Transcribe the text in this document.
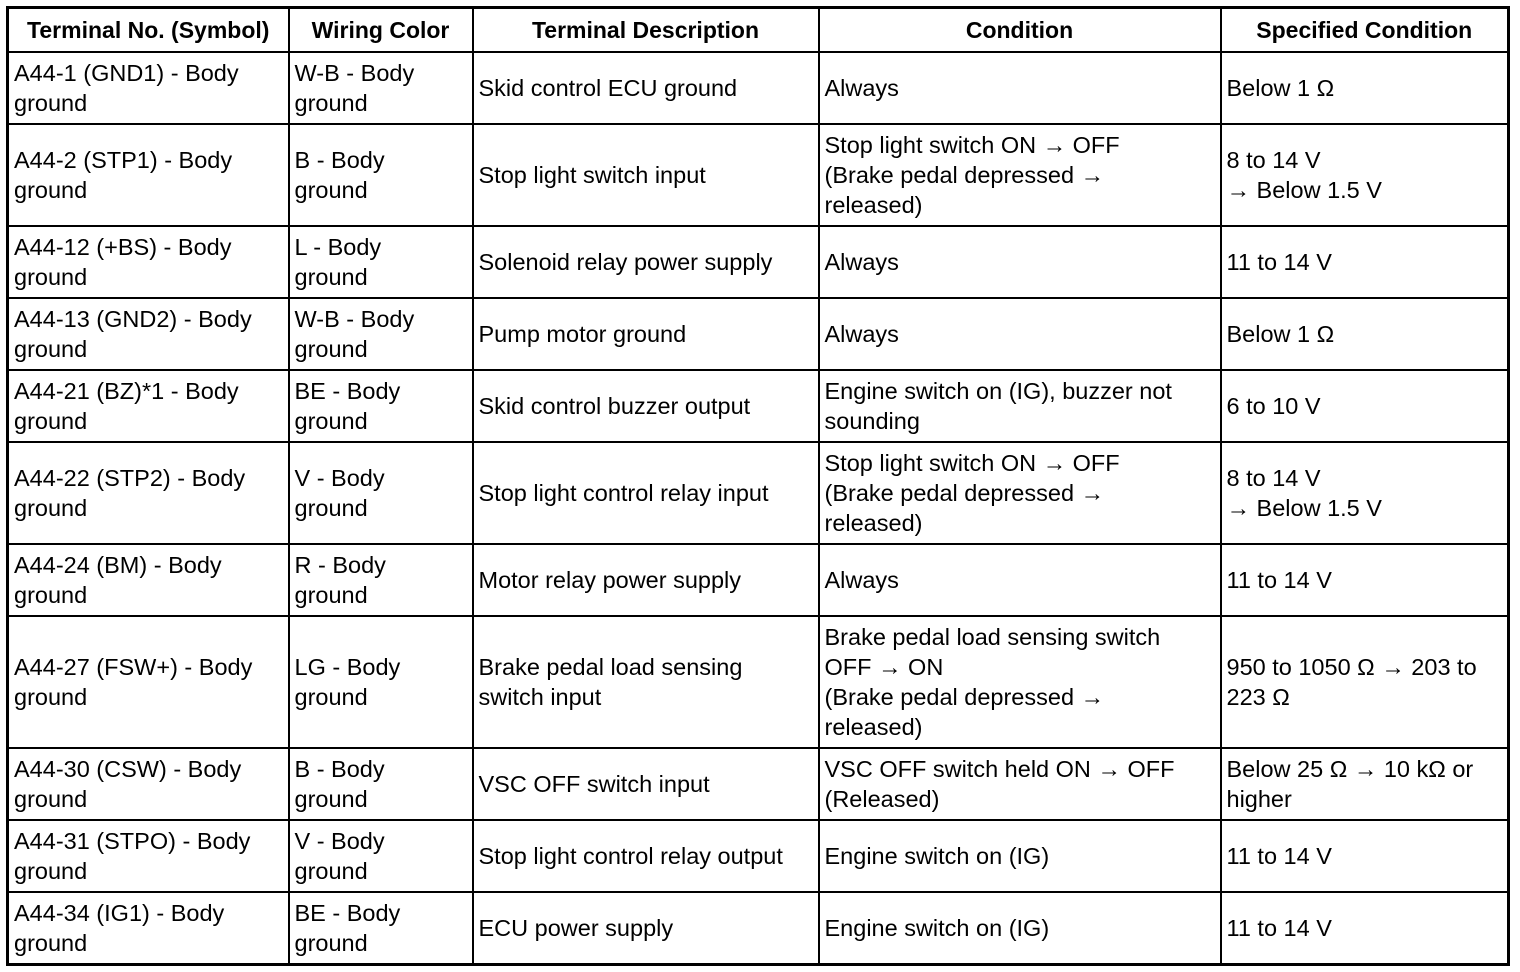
Terminal No. (Symbol)	Wiring Color	Terminal Description	Condition	Specified Condition
A44-1 (GND1) - Body
ground	W-B - Body
ground	Skid control ECU ground	Always	Below 1 Ω
A44-2 (STP1) - Body
ground	B - Body
ground	Stop light switch input	Stop light switch ON → OFF
(Brake pedal depressed →
released)	8 to 14 V
→ Below 1.5 V
A44-12 (+BS) - Body
ground	L - Body
ground	Solenoid relay power supply	Always	11 to 14 V
A44-13 (GND2) - Body
ground	W-B - Body
ground	Pump motor ground	Always	Below 1 Ω
A44-21 (BZ)*1 - Body
ground	BE - Body
ground	Skid control buzzer output	Engine switch on (IG), buzzer not
sounding	6 to 10 V
A44-22 (STP2) - Body
ground	V - Body
ground	Stop light control relay input	Stop light switch ON → OFF
(Brake pedal depressed →
released)	8 to 14 V
→ Below 1.5 V
A44-24 (BM) - Body
ground	R - Body
ground	Motor relay power supply	Always	11 to 14 V
A44-27 (FSW+) - Body
ground	LG - Body
ground	Brake pedal load sensing
switch input	Brake pedal load sensing switch
OFF → ON
(Brake pedal depressed →
released)	950 to 1050 Ω → 203 to
223 Ω
A44-30 (CSW) - Body
ground	B - Body
ground	VSC OFF switch input	VSC OFF switch held ON → OFF
(Released)	Below 25 Ω → 10 kΩ or
higher
A44-31 (STPO) - Body
ground	V - Body
ground	Stop light control relay output	Engine switch on (IG)	11 to 14 V
A44-34 (IG1) - Body
ground	BE - Body
ground	ECU power supply	Engine switch on (IG)	11 to 14 V
